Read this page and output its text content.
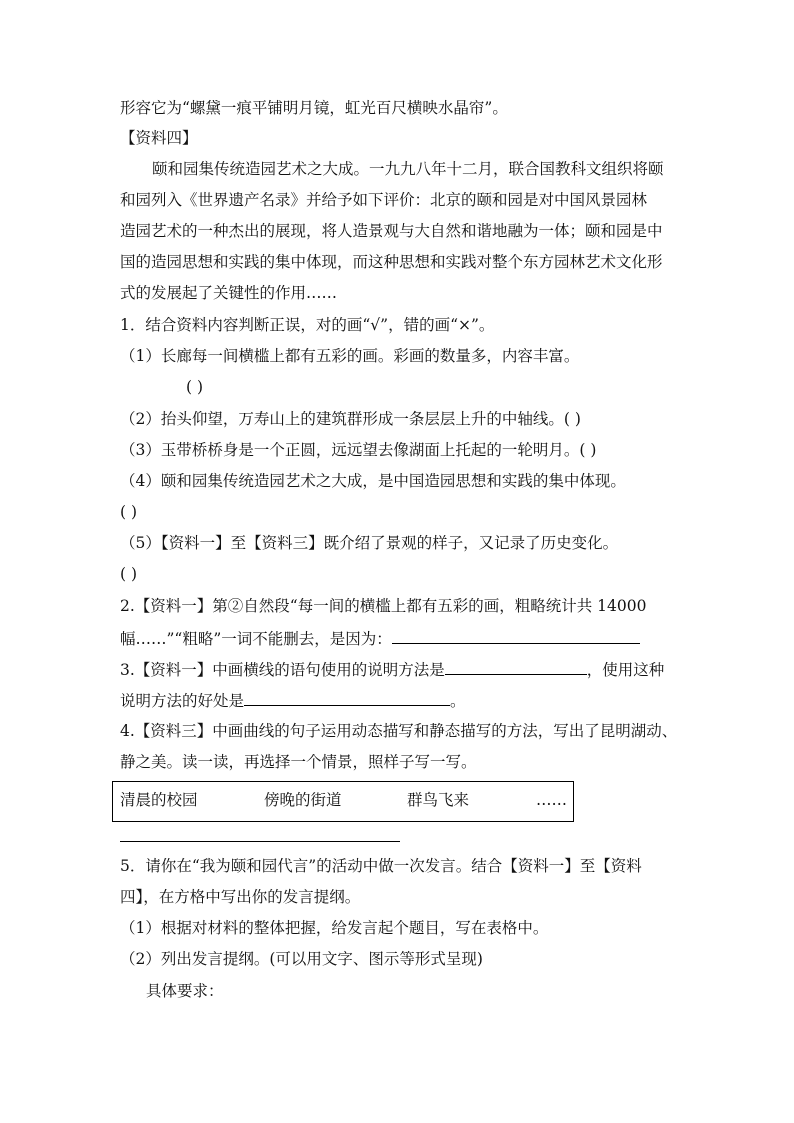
形容它为“螺黛一痕平铺明月镜，虹光百尺横映水晶帘”。
【资料四】
颐和园集传统造园艺术之大成。一九九八年十二月，联合国教科文组织将颐
和园列入《世界遗产名录》并给予如下评价：北京的颐和园是对中国风景园林
造园艺术的一种杰出的展现，将人造景观与大自然和谐地融为一体；颐和园是中
国的造园思想和实践的集中体现，而这种思想和实践对整个东方园林艺术文化形
式的发展起了关键性的作用……
1．结合资料内容判断正误，对的画“√”，错的画“×”。
（1）长廊每一间横槛上都有五彩的画。彩画的数量多，内容丰富。
( )
（2）抬头仰望，万寿山上的建筑群形成一条层层上升的中轴线。( )
（3）玉带桥桥身是一个正圆，远远望去像湖面上托起的一轮明月。( )
（4）颐和园集传统造园艺术之大成，是中国造园思想和实践的集中体现。
( )
（5）【资料一】至【资料三】既介绍了景观的样子，又记录了历史变化。
( )
2.【资料一】第②自然段“每一间的横槛上都有五彩的画，粗略统计共 14000
幅……”“粗略”一词不能删去，是因为：
3.【资料一】中画横线的语句使用的说明方法是	，使用这种
说明方法的好处是	。
4.【资料三】中画曲线的句子运用动态描写和静态描写的方法，写出了昆明湖动、
静之美。读一读，再选择一个情景，照样子写一写。
清晨的校园	傍晚的街道	群鸟飞来	……
5．请你在“我为颐和园代言”的活动中做一次发言。结合【资料一】至【资料
四】，在方格中写出你的发言提纲。
（1）根据对材料的整体把握，给发言起个题目，写在表格中。
（2）列出发言提纲。(可以用文字、图示等形式呈现)
具体要求：
